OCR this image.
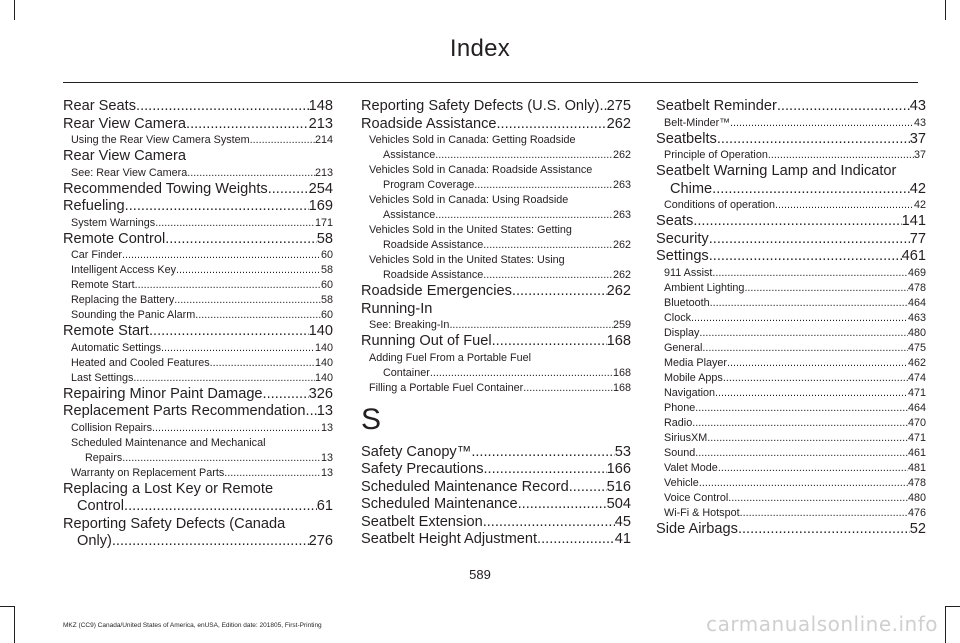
Index
Rear Seats .....	148
Rear View Camera .....	213
Using the Rear View Camera System .....	214
Rear View Camera
See: Rear View Camera .....	213
Recommended Towing Weights .....	254
Refueling .....	169
System Warnings .....	171
Remote Control .....	58
Car Finder .....	60
Intelligent Access Key .....	58
Remote Start .....	60
Replacing the Battery .....	58
Sounding the Panic Alarm .....	60
Remote Start .....	140
Automatic Settings .....	140
Heated and Cooled Features .....	140
Last Settings .....	140
Repairing Minor Paint Damage .....	326
Replacement Parts Recommendation ..... 13
Collision Repairs .....	13
Scheduled Maintenance and Mechanical
Repairs .....	13
Warranty on Replacement Parts .....	13
Replacing a Lost Key or Remote
Control .....	61
Reporting Safety Defects (Canada
Only) .....	276
Reporting Safety Defects (U.S. Only) ..... 275
Roadside Assistance .....	262
Vehicles Sold in Canada: Getting Roadside
Assistance .....	262
Vehicles Sold in Canada: Roadside Assistance
Program Coverage .....	263
Vehicles Sold in Canada: Using Roadside
Assistance .....	263
Vehicles Sold in the United States: Getting
Roadside Assistance .....	262
Vehicles Sold in the United States: Using
Roadside Assistance .....	262
Roadside Emergencies .....	262
Running-In
See: Breaking-In .....	259
Running Out of Fuel .....	168
Adding Fuel From a Portable Fuel
Container .....	168
Filling a Portable Fuel Container .....	168
S
Safety Canopy™ .....	53
Safety Precautions .....	166
Scheduled Maintenance Record .....	516
Scheduled Maintenance .....	504
Seatbelt Extension .....	45
Seatbelt Height Adjustment .....	41
Seatbelt Reminder .....	43
Belt-Minder™ .....	43
Seatbelts .....	37
Principle of Operation .....	37
Seatbelt Warning Lamp and Indicator
Chime .....	42
Conditions of operation .....	42
Seats .....	141
Security .....	77
Settings .....	461
911 Assist .....	469
Ambient Lighting .....	478
Bluetooth .....	464
Clock .....	463
Display .....	480
General .....	475
Media Player .....	462
Mobile Apps .....	474
Navigation .....	471
Phone .....	464
Radio .....	470
SiriusXM .....	471
Sound .....	461
Valet Mode .....	481
Vehicle .....	478
Voice Control .....	480
Wi-Fi & Hotspot .....	476
Side Airbags .....	52
589
MKZ (CC9) Canada/United States of America, enUSA, Edition date: 201805, First-Printing	carmanualsonline.info
